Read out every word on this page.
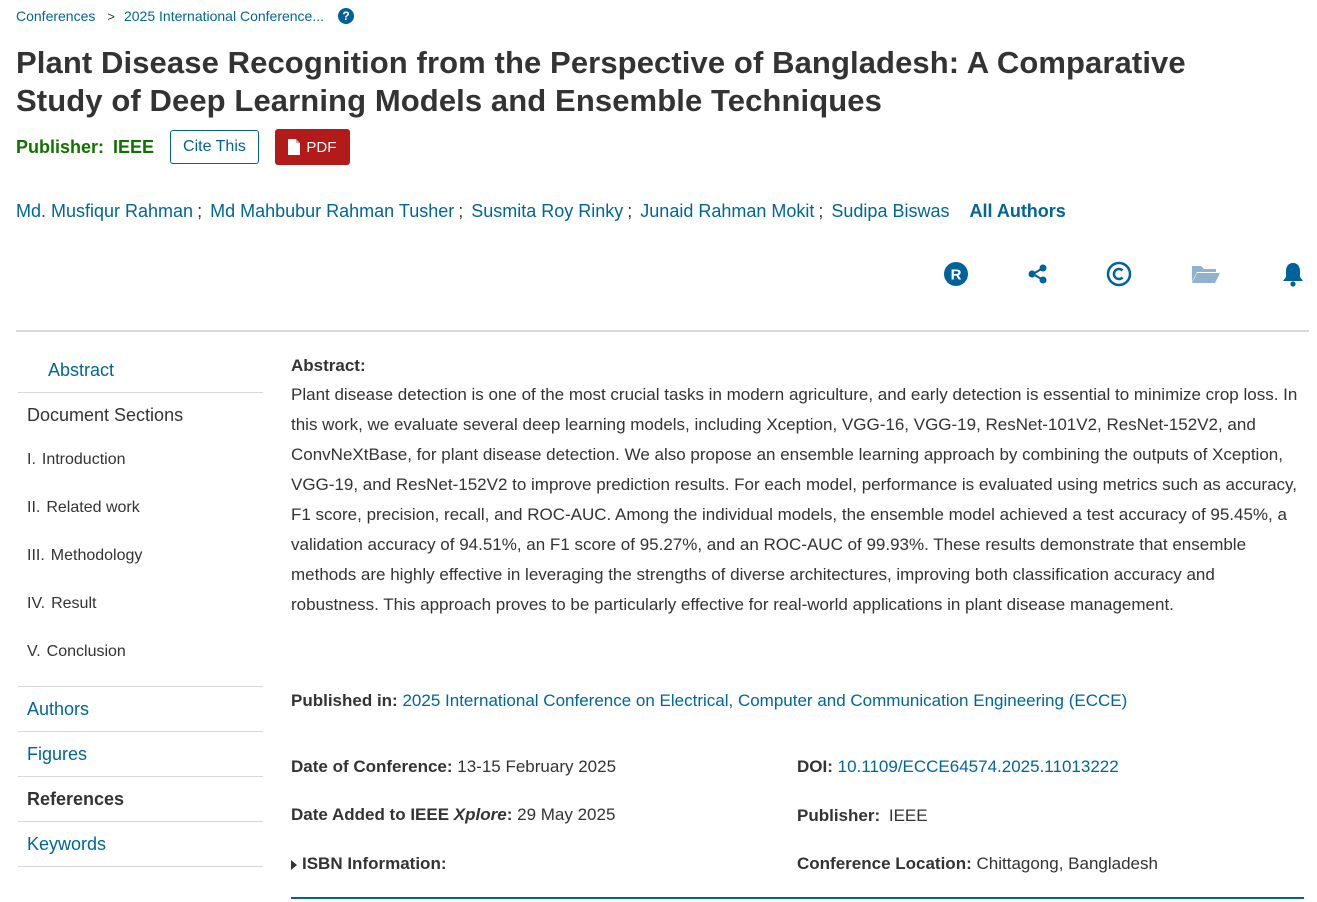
Conferences > 2025 International Conference...	?
Plant Disease Recognition from the Perspective of Bangladesh: A Comparative Study of Deep Learning Models and Ensemble Techniques
Publisher: IEEE	Cite This	PDF
Md. Musfiqur Rahman ; Md Mahbubur Rahman Tusher ; Susmita Roy Rinky ; Junaid Rahman Mokit ; Sudipa Biswas All Authors
R
Abstract
Document Sections
I. Introduction
II. Related work
III. Methodology
IV. Result
V. Conclusion
Authors
Figures
References
Keywords
Abstract:
Plant disease detection is one of the most crucial tasks in modern agriculture, and early detection is essential to minimize crop loss. In this work, we evaluate several deep learning models, including Xception, VGG-16, VGG-19, ResNet-101V2, ResNet-152V2, and ConvNeXtBase, for plant disease detection. We also propose an ensemble learning approach by combining the outputs of Xception, VGG-19, and ResNet-152V2 to improve prediction results. For each model, performance is evaluated using metrics such as accuracy, F1 score, precision, recall, and ROC-AUC. Among the individual models, the ensemble model achieved a test accuracy of 95.45%, a validation accuracy of 94.51%, an F1 score of 95.27%, and an ROC-AUC of 99.93%. These results demonstrate that ensemble methods are highly effective in leveraging the strengths of diverse architectures, improving both classification accuracy and robustness. This approach proves to be particularly effective for real-world applications in plant disease management.
Published in: 2025 International Conference on Electrical, Computer and Communication Engineering (ECCE)
Date of Conference: 13-15 February 2025
Date Added to IEEE Xplore: 29 May 2025
ISBN Information:
DOI: 10.1109/ECCE64574.2025.11013222
Publisher: IEEE
Conference Location: Chittagong, Bangladesh
